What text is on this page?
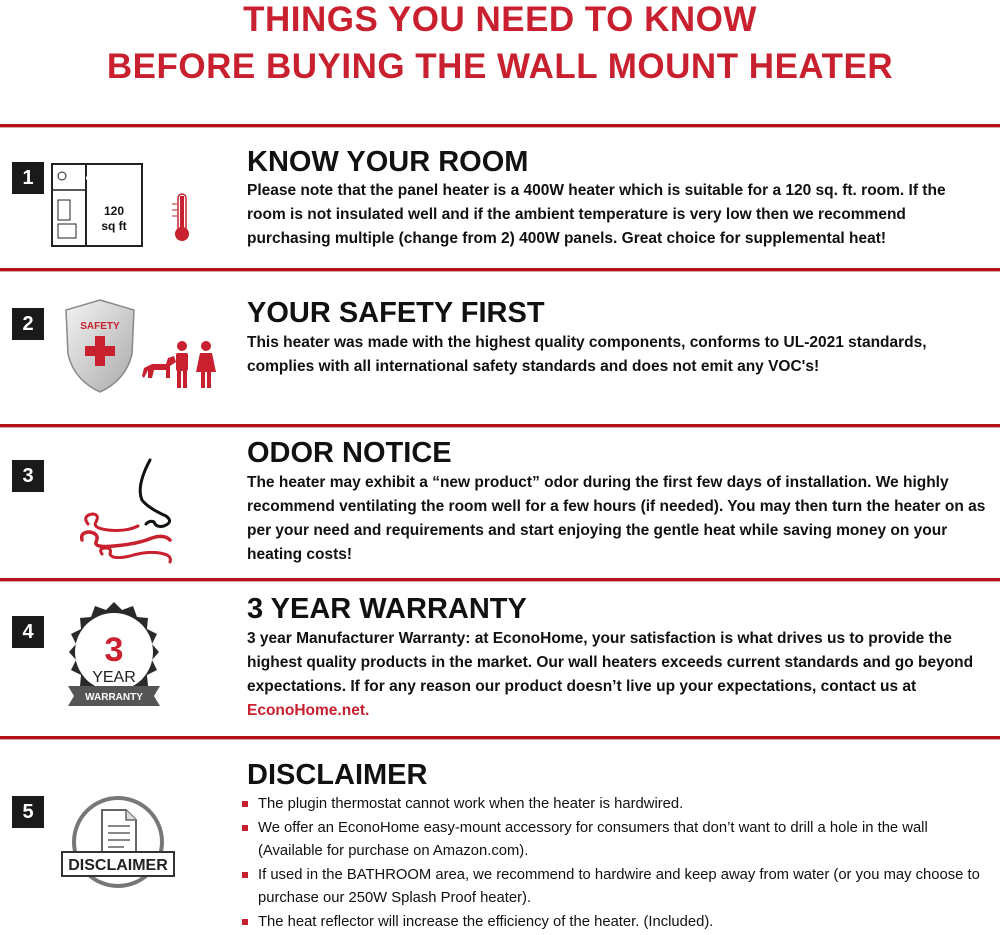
THINGS YOU NEED TO KNOW
BEFORE BUYING THE WALL MOUNT HEATER
1
120
sq ft
KNOW YOUR ROOM
Please note that the panel heater is a 400W heater which is suitable for a 120 sq. ft. room. If the room is not insulated well and if the ambient temperature is very low then we recommend purchasing multiple (change from 2) 400W panels. Great choice for supplemental heat!
2	SAFETY	YOUR SAFETY FIRST
This heater was made with the highest quality components, conforms to UL-2021 standards, complies with all international safety standards and does not emit any VOC's!
3
ODOR NOTICE
The heater may exhibit a “new product” odor during the first few days of installation. We highly recommend ventilating the room well for a few hours (if needed). You may then turn the heater on as per your need and requirements and start enjoying the gentle heat while saving money on your heating costs!
4	3
YEAR
WARRANTY
3 YEAR WARRANTY
3 year Manufacturer Warranty: at EconoHome, your satisfaction is what drives us to provide the highest quality products in the market. Our wall heaters exceeds current standards and go beyond expectations. If for any reason our product doesn’t live up your expectations, contact us at EconoHome.net.
5
DISCLAIMER
DISCLAIMER
The plugin thermostat cannot work when the heater is hardwired.
We offer an EconoHome easy-mount accessory for consumers that don’t want to drill a hole in the wall (Available for purchase on Amazon.com).
If used in the BATHROOM area, we recommend to hardwire and keep away from water (or you may choose to purchase our 250W Splash Proof heater).
The heat reflector will increase the efficiency of the heater. (Included).
